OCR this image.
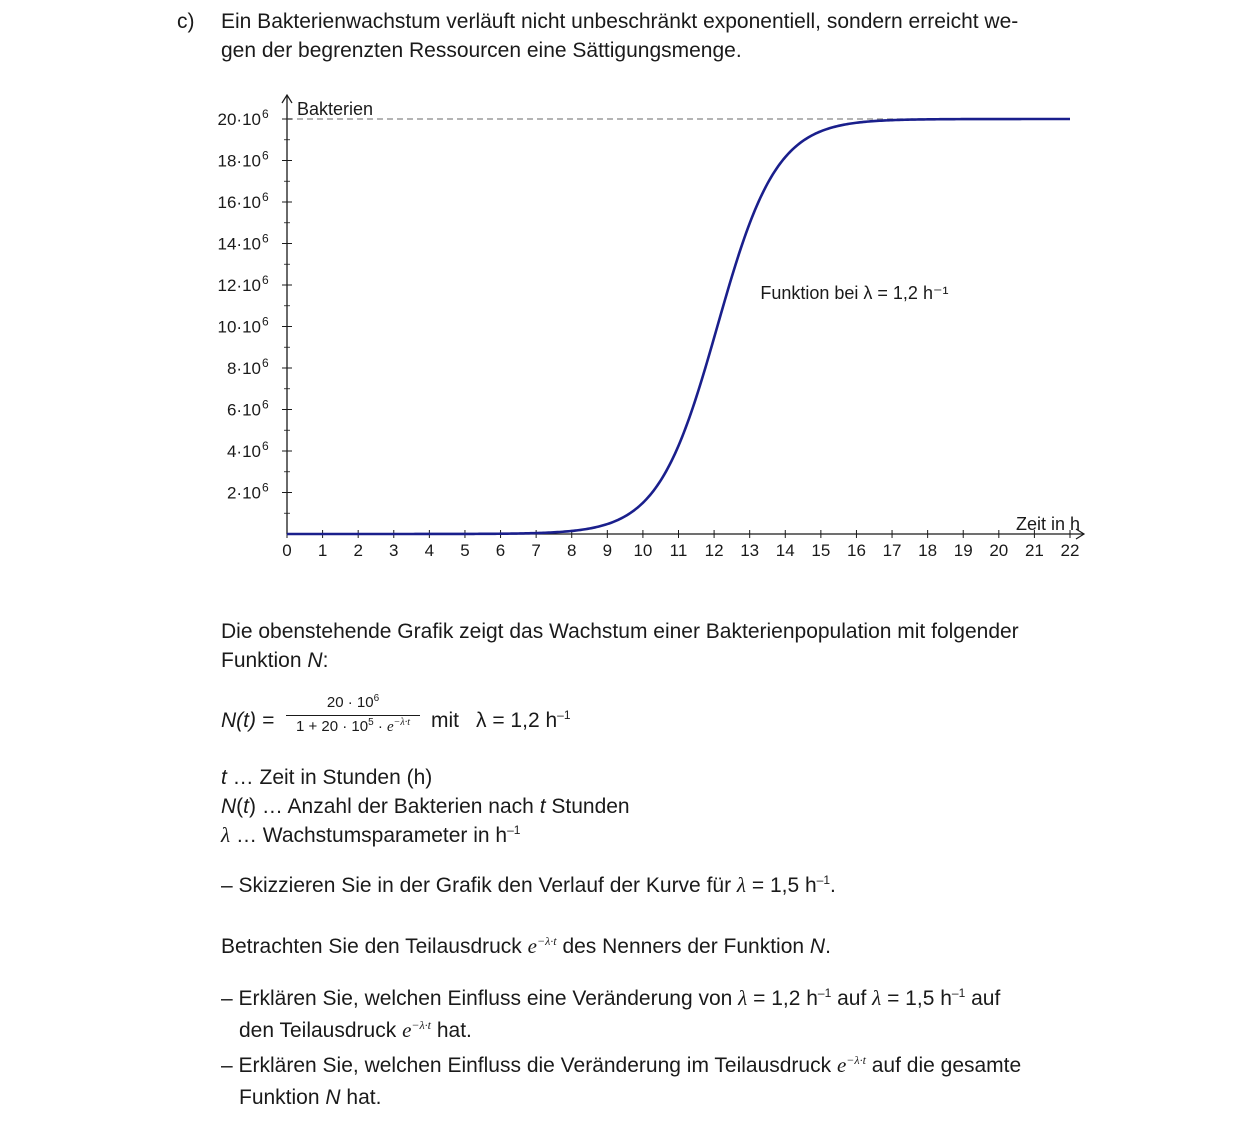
c) Ein Bakterienwachstum verläuft nicht unbeschränkt exponentiell, sondern erreicht we-
gen der begrenzten Ressourcen eine Sättigungsmenge.
0 1 2 3 4 5 6 7 8 9 10 11 12 13 14 15 16 17 18 19 20 21 22
2·10 6
4·10 6
6·10 6
8·10 6
10·10 6
12·10 6
14·10 6
16·10 6
18·10 6
20·10 6 Bakterien
Zeit in h
Funktion bei λ = 1,2 h⁻¹
Die obenstehende Grafik zeigt das Wachstum einer Bakterienpopulation mit folgender
Funktion N:
N(t) =
$20 \cdot 10^6$
$1 + 20 \cdot 10^5 \cdot e^{-\lambda\cdot t}$ mit λ = 1,2 $h^{-1}$
t … Zeit in Stunden (h)
N(t) … Anzahl der Bakterien nach t Stunden
λ … Wachstumsparameter in $h^{-1}$
– Skizzieren Sie in der Grafik den Verlauf der Kurve für λ = 1,5 $h^{-1}$.
Betrachten Sie den Teilausdruck $e^{-\lambda\cdot t}$ des Nenners der Funktion N.
– Erklären Sie, welchen Einfluss eine Veränderung von λ = 1,2 $h^{-1}$ auf λ = 1,5 $h^{-1}$ auf
den Teilausdruck $e^{-\lambda\cdot t}$ hat.
– Erklären Sie, welchen Einfluss die Veränderung im Teilausdruck $e^{-\lambda\cdot t}$ auf die gesamte
Funktion N hat.
